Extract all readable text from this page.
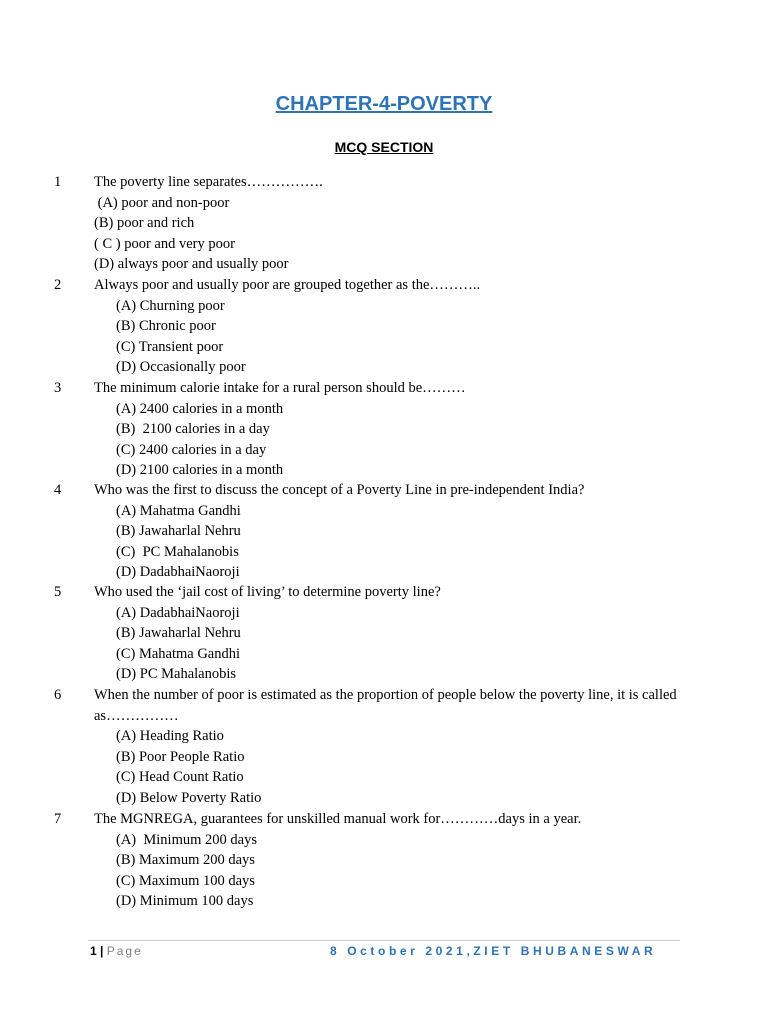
CHAPTER-4-POVERTY
MCQ SECTION
1 The poverty line separates…………….
(A) poor and non-poor
(B) poor and rich
( C ) poor and very poor
(D) always poor and usually poor
2 Always poor and usually poor are grouped together as the………..
(A) Churning poor
(B) Chronic poor
(C) Transient poor
(D) Occasionally poor
3 The minimum calorie intake for a rural person should be………
(A) 2400 calories in a month
(B)  2100 calories in a day
(C) 2400 calories in a day
(D) 2100 calories in a month
4 Who was the first to discuss the concept of a Poverty Line in pre-independent India?
(A) Mahatma Gandhi
(B) Jawaharlal Nehru
(C)  PC Mahalanobis
(D) DadabhaiNaoroji
5 Who used the ‘jail cost of living’ to determine poverty line?
(A) DadabhaiNaoroji
(B) Jawaharlal Nehru
(C) Mahatma Gandhi
(D) PC Mahalanobis
6 When the number of poor is estimated as the proportion of people below the poverty line, it is called
as……………
(A) Heading Ratio
(B) Poor People Ratio
(C) Head Count Ratio
(D) Below Poverty Ratio
7 The MGNREGA, guarantees for unskilled manual work for…………days in a year.
(A)  Minimum 200 days
(B) Maximum 200 days
(C) Maximum 100 days
(D) Minimum 100 days
1 | Page	8 October 2021,ZIET BHUBANESWAR
